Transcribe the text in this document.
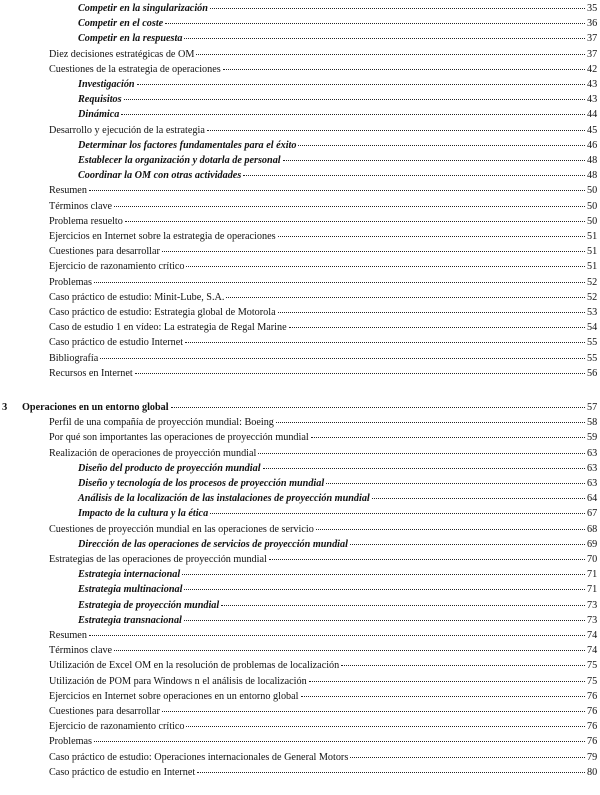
Competir en la singularización	35
Competir en el coste	36
Competir en la respuesta	37
Diez decisiones estratégicas de OM	37
Cuestiones de la estrategia de operaciones	42
Investigación	43
Requisitos	43
Dinámica	44
Desarrollo y ejecución de la estrategia	45
Determinar los factores fundamentales para el éxito	46
Establecer la organización y dotarla de personal	48
Coordinar la OM con otras actividades	48
Resumen	50
Términos clave	50
Problema resuelto	50
Ejercicios en Internet sobre la estrategia de operaciones	51
Cuestiones para desarrollar	51
Ejercicio de razonamiento crítico	51
Problemas	52
Caso práctico de estudio: Minit-Lube, S.A.	52
Caso práctico de estudio: Estrategia global de Motorola	53
Caso de estudio 1 en vídeo: La estrategia de Regal Marine	54
Caso práctico de estudio Internet	55
Bibliografía	55
Recursos en Internet	56
3	Operaciones en un entorno global	57
Perfil de una compañía de proyección mundial: Boeing	58
Por qué son importantes las operaciones de proyección mundial	59
Realización de operaciones de proyección mundial	63
Diseño del producto de proyección mundial	63
Diseño y tecnología de los procesos de proyección mundial	63
Análisis de la localización de las instalaciones de proyección mundial	64
Impacto de la cultura y la ética	67
Cuestiones de proyección mundial en las operaciones de servicio	68
Dirección de las operaciones de servicios de proyección mundial	69
Estrategias de las operaciones de proyección mundial	70
Estrategia internacional	71
Estrategia multinacional	71
Estrategia de proyección mundial	73
Estrategia transnacional	73
Resumen	74
Términos clave	74
Utilización de Excel OM en la resolución de problemas de localización	75
Utilización de POM para Windows n el análisis de localización	75
Ejercicios en Internet sobre operaciones en un entorno global	76
Cuestiones para desarrollar	76
Ejercicio de razonamiento crítico	76
Problemas	76
Caso práctico de estudio: Operaciones internacionales de General Motors	79
Caso práctico de estudio en Internet	80
